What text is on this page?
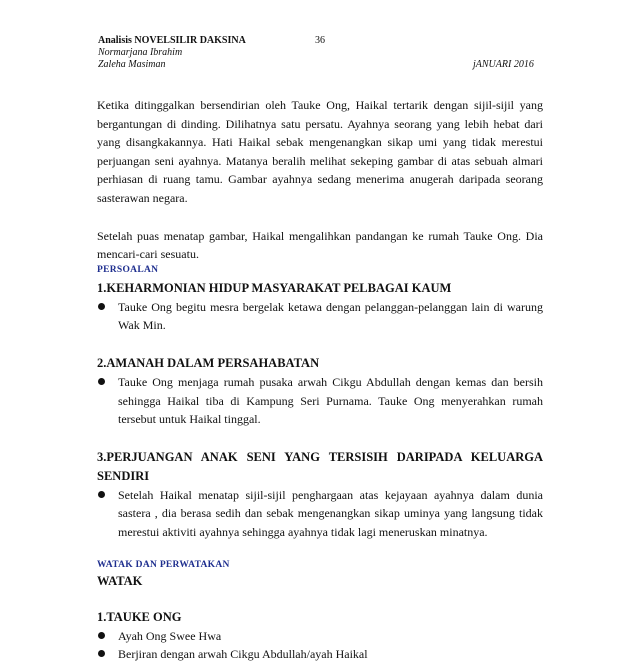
Analisis NOVELSILIR DAKSINA	36
Normarjana Ibrahim
Zaleha Masiman	jANUARI 2016

Ketika ditinggalkan bersendirian oleh Tauke Ong, Haikal tertarik dengan sijil-sijil yang bergantungan di dinding. Dilihatnya satu persatu. Ayahnya seorang yang lebih hebat dari yang disangkakannya. Hati Haikal sebak mengenangkan sikap umi yang tidak merestui perjuangan seni ayahnya. Matanya beralih melihat sekeping gambar di atas sebuah almari perhiasan di ruang tamu. Gambar ayahnya sedang menerima anugerah daripada seorang sasterawan negara.

Setelah puas menatap gambar, Haikal mengalihkan pandangan ke rumah Tauke Ong. Dia mencari-cari sesuatu.

PERSOALAN

1.KEHARMONIAN HIDUP MASYARAKAT PELBAGAI KAUM

Tauke Ong begitu mesra bergelak ketawa dengan pelanggan-pelanggan lain di warung Wak Min.

2.AMANAH DALAM PERSAHABATAN

Tauke Ong menjaga rumah pusaka arwah Cikgu Abdullah dengan kemas dan bersih sehingga Haikal tiba di Kampung Seri Purnama. Tauke Ong menyerahkan rumah tersebut untuk Haikal tinggal.

3.PERJUANGAN ANAK SENI YANG TERSISIH DARIPADA KELUARGA SENDIRI

Setelah Haikal menatap sijil-sijil penghargaan atas kejayaan ayahnya dalam dunia sastera , dia berasa sedih dan sebak mengenangkan sikap uminya yang langsung tidak merestui aktiviti ayahnya sehingga ayahnya tidak lagi meneruskan minatnya.

WATAK DAN PERWATAKAN

WATAK

1.TAUKE ONG

Ayah Ong Swee Hwa
Berjiran dengan arwah Cikgu Abdullah/ayah Haikal
